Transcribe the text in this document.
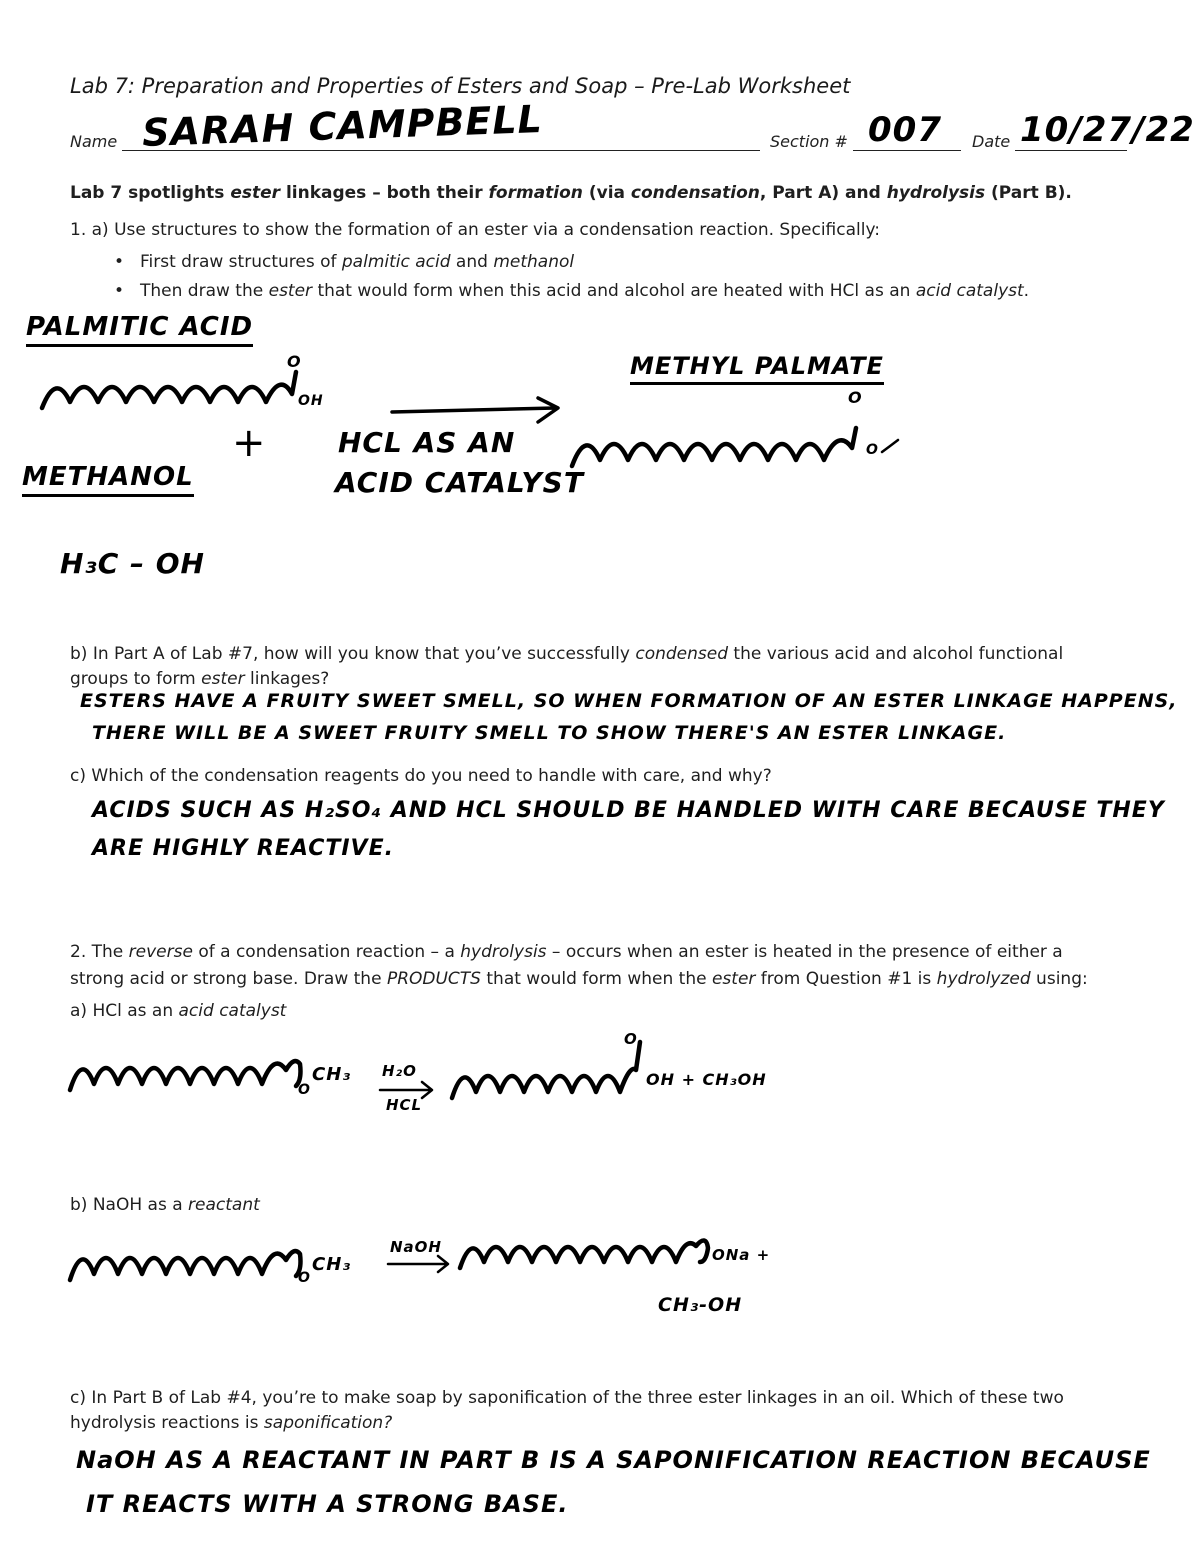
Lab 7: Preparation and Properties of Esters and Soap – Pre-Lab Worksheet
Name SARAH CAMPBELL	Section # 007 Date 10/27/22
Lab 7 spotlights ester linkages – both their formation (via condensation, Part A) and hydrolysis (Part B).
1. a) Use structures to show the formation of an ester via a condensation reaction. Specifically:
• First draw structures of palmitic acid and methanol
• Then draw the ester that would form when this acid and alcohol are heated with HCl as an acid catalyst.
PALMITIC ACID
O
OH
+
METHANOL
H₃C – OH
HCL AS AN
ACID CATALYST
METHYL PALMATE
O
O
b) In Part A of Lab #7, how will you know that you’ve successfully condensed the various acid and alcohol functional
groups to form ester linkages?
ESTERS HAVE A FRUITY SWEET SMELL, SO WHEN FORMATION OF AN ESTER LINKAGE HAPPENS,
THERE WILL BE A SWEET FRUITY SMELL TO SHOW THERE'S AN ESTER LINKAGE.
c) Which of the condensation reagents do you need to handle with care, and why?
ACIDS SUCH AS H₂SO₄ AND HCL SHOULD BE HANDLED WITH CARE BECAUSE THEY
ARE HIGHLY REACTIVE.
2. The reverse of a condensation reaction – a hydrolysis – occurs when an ester is heated in the presence of either a
strong acid or strong base. Draw the PRODUCTS that would form when the ester from Question #1 is hydrolyzed using:
a) HCl as an acid catalyst
O
CH₃ H₂O
HCL
O
OH + CH₃OH
b) NaOH as a reactant
O
CH₃
NaOH	ONa +
CH₃-OH
c) In Part B of Lab #4, you’re to make soap by saponification of the three ester linkages in an oil. Which of these two
hydrolysis reactions is saponification?
NaOH AS A REACTANT IN PART B IS A SAPONIFICATION REACTION BECAUSE
IT REACTS WITH A STRONG BASE.
